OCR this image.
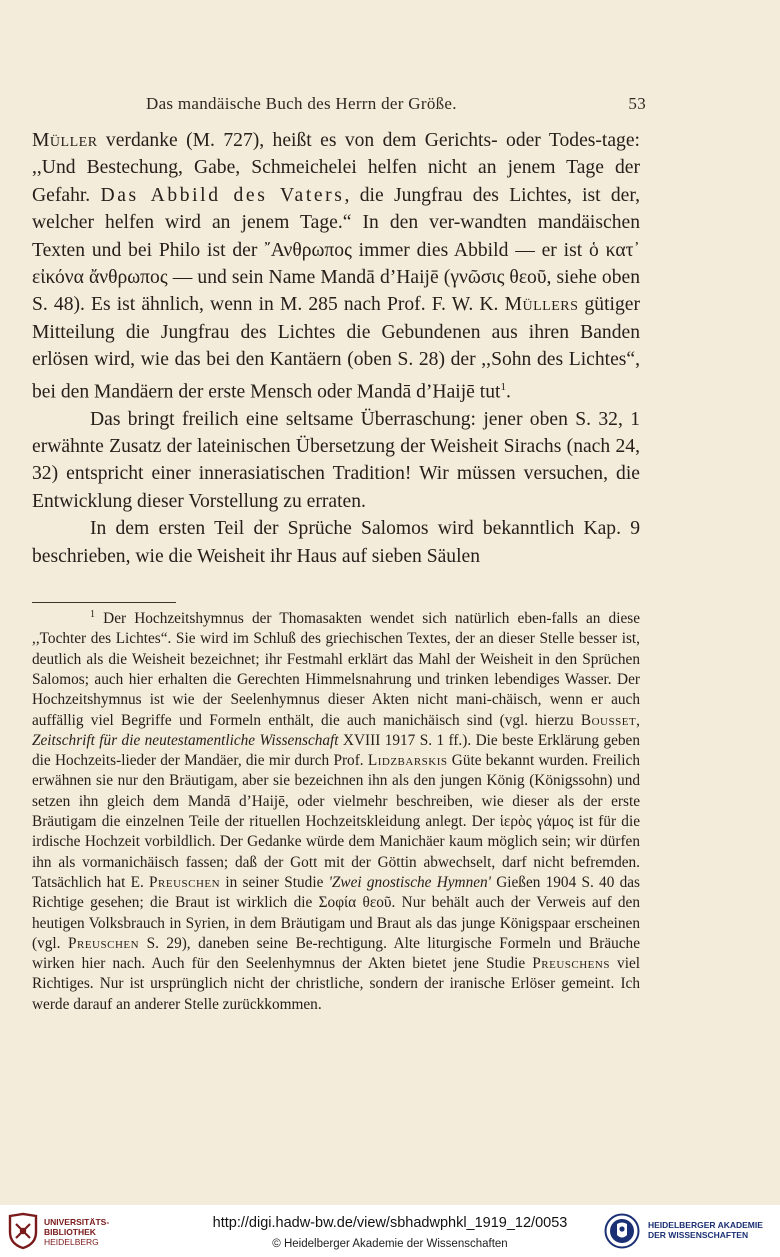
Das mandäische Buch des Herrn der Größe.	53

Müller verdanke (M. 727), heißt es von dem Gerichts- oder Todes-tage: ,,Und Bestechung, Gabe, Schmeichelei helfen nicht an jenem Tage der Gefahr. Das Abbild des Vaters, die Jungfrau des Lichtes, ist der, welcher helfen wird an jenem Tage.“ In den ver-wandten mandäischen Texten und bei Philo ist der ῎Ανθρωπος immer dies Abbild — er ist ὁ κατ᾽ εἰκόνα ἄνθρωπος — und sein Name Mandā d’Haijē (γνῶσις θεοῦ, siehe oben S. 48). Es ist ähnlich, wenn in M. 285 nach Prof. F. W. K. Müllers gütiger Mitteilung die Jungfrau des Lichtes die Gebundenen aus ihren Banden erlösen wird, wie das bei den Kantäern (oben S. 28) der ,,Sohn des Lichtes“, bei den Mandäern der erste Mensch oder Mandā d’Haijē tut$^1$.

Das bringt freilich eine seltsame Überraschung: jener oben S. 32, 1 erwähnte Zusatz der lateinischen Übersetzung der Weisheit Sirachs (nach 24, 32) entspricht einer innerasiatischen Tradition! Wir müssen versuchen, die Entwicklung dieser Vorstellung zu erraten.

In dem ersten Teil der Sprüche Salomos wird bekanntlich Kap. 9 beschrieben, wie die Weisheit ihr Haus auf sieben Säulen

$^1$ Der Hochzeitshymnus der Thomasakten wendet sich natürlich eben-falls an diese ,,Tochter des Lichtes“. Sie wird im Schluß des griechischen Textes, der an dieser Stelle besser ist, deutlich als die Weisheit bezeichnet; ihr Festmahl erklärt das Mahl der Weisheit in den Sprüchen Salomos; auch hier erhalten die Gerechten Himmelsnahrung und trinken lebendiges Wasser. Der Hochzeitshymnus ist wie der Seelenhymnus dieser Akten nicht mani-chäisch, wenn er auch auffällig viel Begriffe und Formeln enthält, die auch manichäisch sind (vgl. hierzu Bousset, Zeitschrift für die neutestamentliche Wissenschaft XVIII 1917 S. 1 ff.). Die beste Erklärung geben die Hochzeits-lieder der Mandäer, die mir durch Prof. Lidzbarskis Güte bekannt wurden. Freilich erwähnen sie nur den Bräutigam, aber sie bezeichnen ihn als den jungen König (Königssohn) und setzen ihn gleich dem Mandā d’Haijē, oder vielmehr beschreiben, wie dieser als der erste Bräutigam die einzelnen Teile der rituellen Hochzeitskleidung anlegt. Der ἱερὸς γάμος ist für die irdische Hochzeit vorbildlich. Der Gedanke würde dem Manichäer kaum möglich sein; wir dürfen ihn als vormanichäisch fassen; daß der Gott mit der Göttin abwechselt, darf nicht befremden. Tatsächlich hat E. Preuschen in seiner Studie 'Zwei gnostische Hymnen' Gießen 1904 S. 40 das Richtige gesehen; die Braut ist wirklich die Σοφία θεοῦ. Nur behält auch der Verweis auf den heutigen Volksbrauch in Syrien, in dem Bräutigam und Braut als das junge Königspaar erscheinen (vgl. Preuschen S. 29), daneben seine Be-rechtigung. Alte liturgische Formeln und Bräuche wirken hier nach. Auch für den Seelenhymnus der Akten bietet jene Studie Preuschens viel Richtiges. Nur ist ursprünglich nicht der christliche, sondern der iranische Erlöser gemeint. Ich werde darauf an anderer Stelle zurückkommen.

UNIVERSITÄTS-
BIBLIOTHEK
HEIDELBERG
http://digi.hadw-bw.de/view/sbhadwphkl_1919_12/0053
© Heidelberger Akademie der Wissenschaften
HEIDELBERGER AKADEMIE
DER WISSENSCHAFTEN
